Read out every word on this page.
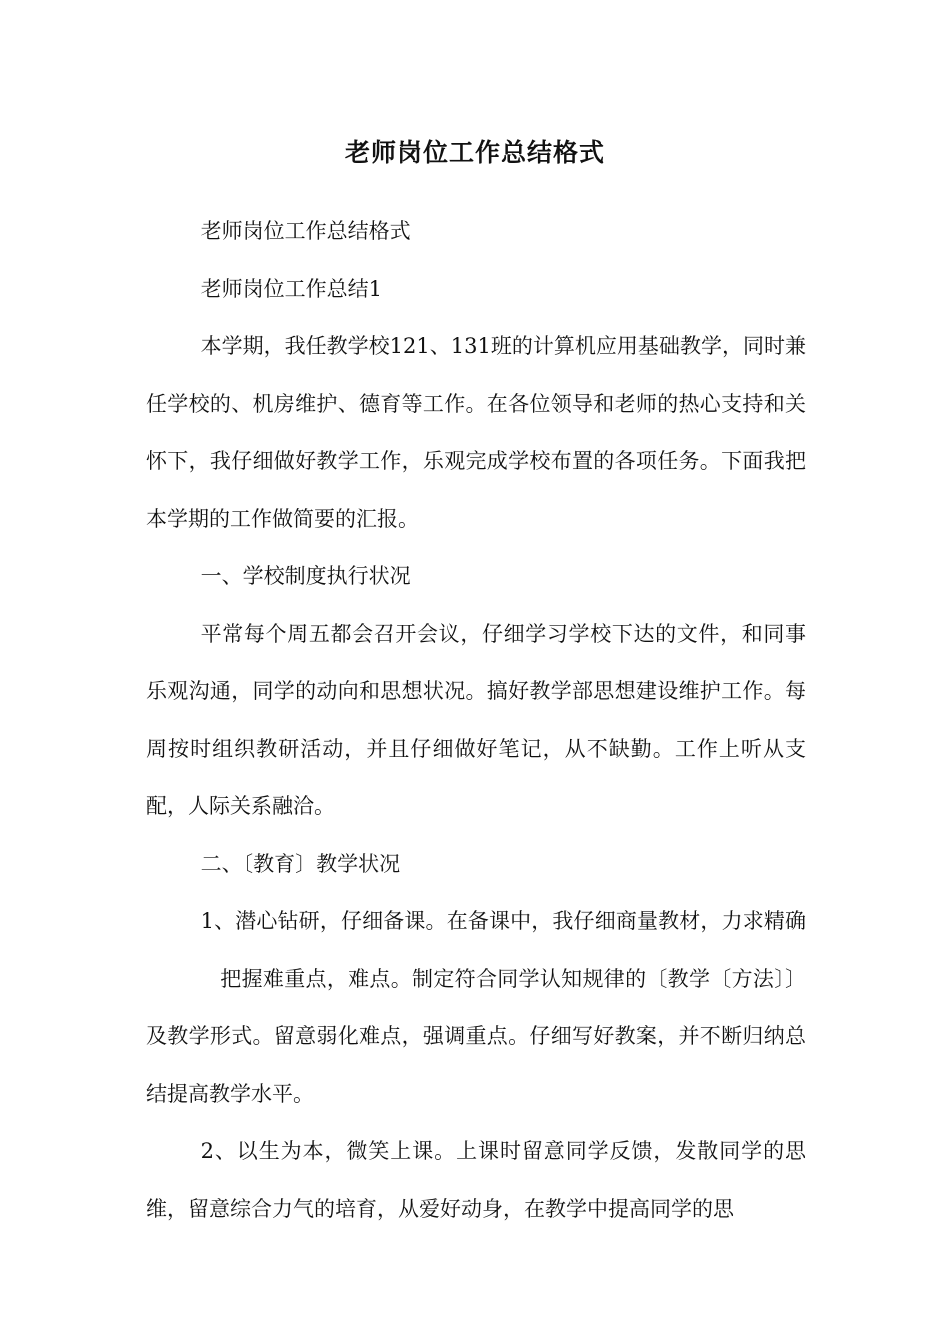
老师岗位工作总结格式

老师岗位工作总结格式

老师岗位工作总结1

本学期，我任教学校121、131班的计算机应用基础教学，同时兼任学校的、机房维护、德育等工作。在各位领导和老师的热心支持和关怀下，我仔细做好教学工作，乐观完成学校布置的各项任务。下面我把本学期的工作做简要的汇报。

一、学校制度执行状况

平常每个周五都会召开会议，仔细学习学校下达的文件，和同事乐观沟通，同学的动向和思想状况。搞好教学部思想建设维护工作。每周按时组织教研活动，并且仔细做好笔记，从不缺勤。工作上听从支配，人际关系融洽。

二、〔教育〕教学状况

1、潜心钻研，仔细备课。在备课中，我仔细商量教材，力求精确把握难重点，难点。制定符合同学认知规律的〔教学〔方法〕〕及教学形式。留意弱化难点，强调重点。仔细写好教案，并不断归纳总结提高教学水平。

2、以生为本，微笑上课。上课时留意同学反馈，发散同学的思维，留意综合力气的培育，从爱好动身，在教学中提高同学的思
